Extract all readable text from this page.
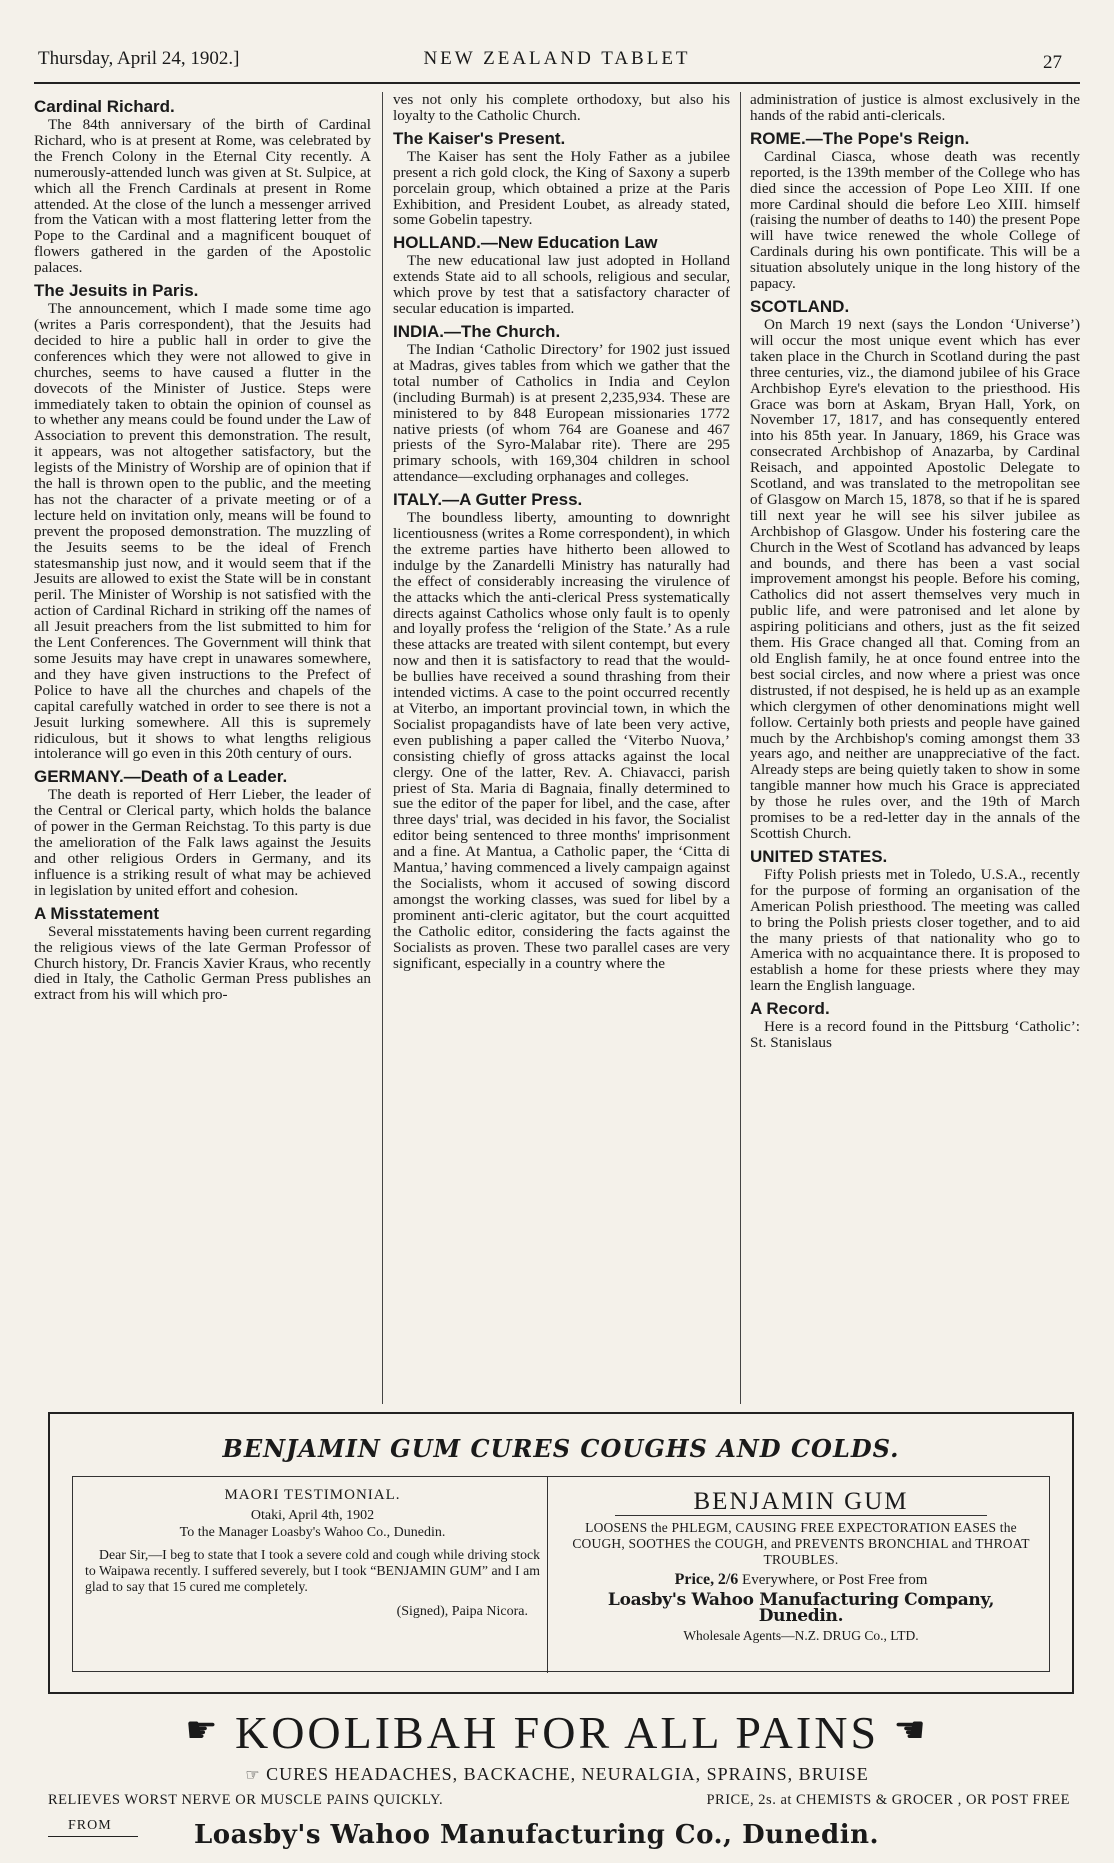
Thursday, April 24, 1902.]	NEW ZEALAND TABLET	27
Cardinal Richard.

The 84th anniversary of the birth of Cardinal Richard, who is at present at Rome, was celebrated by the French Colony in the Eternal City recently. A numerously-attended lunch was given at St. Sulpice, at which all the French Cardinals at present in Rome attended. At the close of the lunch a messenger arrived from the Vatican with a most flattering letter from the Pope to the Cardinal and a magnificent bouquet of flowers gathered in the garden of the Apostolic palaces.

The Jesuits in Paris.

The announcement, which I made some time ago (writes a Paris correspondent), that the Jesuits had decided to hire a public hall in order to give the conferences which they were not allowed to give in churches, seems to have caused a flutter in the dovecots of the Minister of Justice. Steps were immediately taken to obtain the opinion of counsel as to whether any means could be found under the Law of Association to prevent this demonstration. The result, it appears, was not altogether satisfactory, but the legists of the Ministry of Worship are of opinion that if the hall is thrown open to the public, and the meeting has not the character of a private meeting or of a lecture held on invitation only, means will be found to prevent the proposed demonstration. The muzzling of the Jesuits seems to be the ideal of French statesmanship just now, and it would seem that if the Jesuits are allowed to exist the State will be in constant peril. The Minister of Worship is not satisfied with the action of Cardinal Richard in striking off the names of all Jesuit preachers from the list submitted to him for the Lent Conferences. The Government will think that some Jesuits may have crept in unawares somewhere, and they have given instructions to the Prefect of Police to have all the churches and chapels of the capital carefully watched in order to see there is not a Jesuit lurking somewhere. All this is supremely ridiculous, but it shows to what lengths religious intolerance will go even in this 20th century of ours.

GERMANY.—Death of a Leader.

The death is reported of Herr Lieber, the leader of the Central or Clerical party, which holds the balance of power in the German Reichstag. To this party is due the amelioration of the Falk laws against the Jesuits and other religious Orders in Germany, and its influence is a striking result of what may be achieved in legislation by united effort and cohesion.

A Misstatement

Several misstatements having been current regarding the religious views of the late German Professor of Church history, Dr. Francis Xavier Kraus, who recently died in Italy, the Catholic German Press publishes an extract from his will which pro-

ves not only his complete orthodoxy, but also his loyalty to the Catholic Church.

The Kaiser's Present.

The Kaiser has sent the Holy Father as a jubilee present a rich gold clock, the King of Saxony a superb porcelain group, which obtained a prize at the Paris Exhibition, and President Loubet, as already stated, some Gobelin tapestry.

HOLLAND.—New Education Law

The new educational law just adopted in Holland extends State aid to all schools, religious and secular, which prove by test that a satisfactory character of secular education is imparted.

INDIA.—The Church.

The Indian ‘Catholic Directory’ for 1902 just issued at Madras, gives tables from which we gather that the total number of Catholics in India and Ceylon (including Burmah) is at present 2,235,934. These are ministered to by 848 European missionaries 1772 native priests (of whom 764 are Goanese and 467 priests of the Syro-Malabar rite). There are 295 primary schools, with 169,304 children in school attendance—excluding orphanages and colleges.

ITALY.—A Gutter Press.

The boundless liberty, amounting to downright licentiousness (writes a Rome correspondent), in which the extreme parties have hitherto been allowed to indulge by the Zanardelli Ministry has naturally had the effect of considerably increasing the virulence of the attacks which the anti-clerical Press systematically directs against Catholics whose only fault is to openly and loyally profess the ‘religion of the State.’ As a rule these attacks are treated with silent contempt, but every now and then it is satisfactory to read that the would-be bullies have received a sound thrashing from their intended victims. A case to the point occurred recently at Viterbo, an important provincial town, in which the Socialist propagandists have of late been very active, even publishing a paper called the ‘Viterbo Nuova,’ consisting chiefly of gross attacks against the local clergy. One of the latter, Rev. A. Chiavacci, parish priest of Sta. Maria di Bagnaia, finally determined to sue the editor of the paper for libel, and the case, after three days' trial, was decided in his favor, the Socialist editor being sentenced to three months' imprisonment and a fine. At Mantua, a Catholic paper, the ‘Citta di Mantua,’ having commenced a lively campaign against the Socialists, whom it accused of sowing discord amongst the working classes, was sued for libel by a prominent anti-cleric agitator, but the court acquitted the Catholic editor, considering the facts against the Socialists as proven. These two parallel cases are very significant, especially in a country where the

administration of justice is almost exclusively in the hands of the rabid anti-clericals.

ROME.—The Pope's Reign.

Cardinal Ciasca, whose death was recently reported, is the 139th member of the College who has died since the accession of Pope Leo XIII. If one more Cardinal should die before Leo XIII. himself (raising the number of deaths to 140) the present Pope will have twice renewed the whole College of Cardinals during his own pontificate. This will be a situation absolutely unique in the long history of the papacy.

SCOTLAND.

On March 19 next (says the London ‘Universe’) will occur the most unique event which has ever taken place in the Church in Scotland during the past three centuries, viz., the diamond jubilee of his Grace Archbishop Eyre's elevation to the priesthood. His Grace was born at Askam, Bryan Hall, York, on November 17, 1817, and has consequently entered into his 85th year. In January, 1869, his Grace was consecrated Archbishop of Anazarba, by Cardinal Reisach, and appointed Apostolic Delegate to Scotland, and was translated to the metropolitan see of Glasgow on March 15, 1878, so that if he is spared till next year he will see his silver jubilee as Archbishop of Glasgow. Under his fostering care the Church in the West of Scotland has advanced by leaps and bounds, and there has been a vast social improvement amongst his people. Before his coming, Catholics did not assert themselves very much in public life, and were patronised and let alone by aspiring politicians and others, just as the fit seized them. His Grace changed all that. Coming from an old English family, he at once found entree into the best social circles, and now where a priest was once distrusted, if not despised, he is held up as an example which clergymen of other denominations might well follow. Certainly both priests and people have gained much by the Archbishop's coming amongst them 33 years ago, and neither are unappreciative of the fact. Already steps are being quietly taken to show in some tangible manner how much his Grace is appreciated by those he rules over, and the 19th of March promises to be a red-letter day in the annals of the Scottish Church.

UNITED STATES.

Fifty Polish priests met in Toledo, U.S.A., recently for the purpose of forming an organisation of the American Polish priesthood. The meeting was called to bring the Polish priests closer together, and to aid the many priests of that nationality who go to America with no acquaintance there. It is proposed to establish a home for these priests where they may learn the English language.

A Record.

Here is a record found in the Pittsburg ‘Catholic’: St. Stanislaus

BENJAMIN GUM CURES COUGHS AND COLDS.
MAORI TESTIMONIAL.
Otaki, April 4th, 1902
To the Manager Loasby's Wahoo Co., Dunedin.
Dear Sir,—I beg to state that I took a severe cold and cough while driving stock to Waipawa recently. I suffered severely, but I took “BENJAMIN GUM” and I am glad to say that 15 cured me completely.
(Signed), Paipa Nicora.
BENJAMIN GUM
LOOSENS the PHLEGM, CAUSING FREE EXPECTORATION EASES the COUGH, SOOTHES the COUGH, and PREVENTS BRONCHIAL and THROAT TROUBLES.
Price, 2/6 Everywhere, or Post Free from
Loasby's Wahoo Manufacturing Company, Dunedin.
Wholesale Agents—N.Z. DRUG Co., LTD.
☛ KOOLIBAH FOR ALL PAINS ☚
☞ CURES HEADACHES, BACKACHE, NEURALGIA, SPRAINS, BRUISE
RELIEVES WORST NERVE OR MUSCLE PAINS QUICKLY.	PRICE, 2s. at CHEMISTS & GROCER , OR POST FREE
FROM	Loasby's Wahoo Manufacturing Co., Dunedin.
